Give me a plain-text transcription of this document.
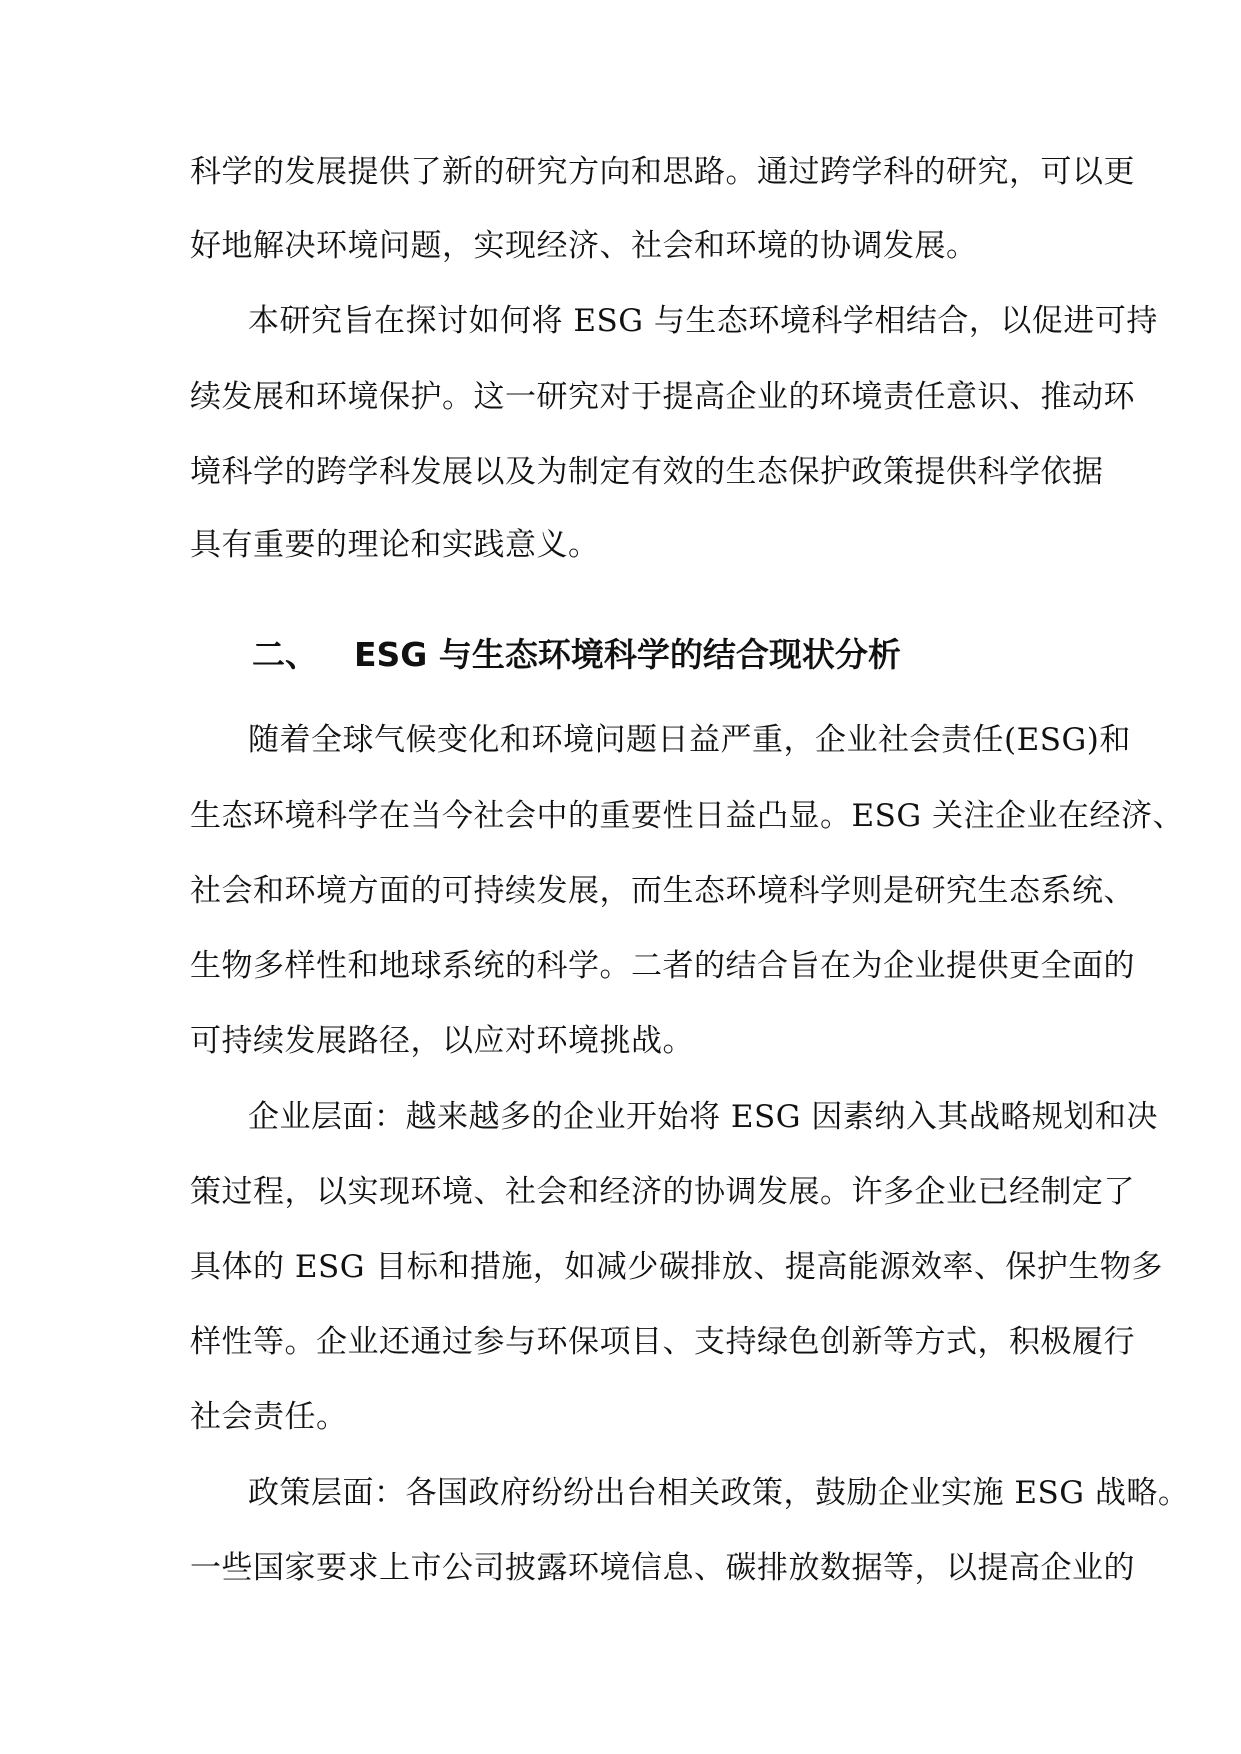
科学的发展提供了新的研究方向和思路。通过跨学科的研究，可以更
好地解决环境问题，实现经济、社会和环境的协调发展。
本研究旨在探讨如何将 ESG 与生态环境科学相结合，以促进可持
续发展和环境保护。这一研究对于提高企业的环境责任意识、推动环
境科学的跨学科发展以及为制定有效的生态保护政策提供科学依据
具有重要的理论和实践意义。
二、 ESG 与生态环境科学的结合现状分析
随着全球气候变化和环境问题日益严重，企业社会责任(ESG)和
生态环境科学在当今社会中的重要性日益凸显。ESG 关注企业在经济、
社会和环境方面的可持续发展，而生态环境科学则是研究生态系统、
生物多样性和地球系统的科学。二者的结合旨在为企业提供更全面的
可持续发展路径，以应对环境挑战。
企业层面：越来越多的企业开始将 ESG 因素纳入其战略规划和决
策过程，以实现环境、社会和经济的协调发展。许多企业已经制定了
具体的 ESG 目标和措施，如减少碳排放、提高能源效率、保护生物多
样性等。企业还通过参与环保项目、支持绿色创新等方式，积极履行
社会责任。
政策层面：各国政府纷纷出台相关政策，鼓励企业实施 ESG 战略。
一些国家要求上市公司披露环境信息、碳排放数据等，以提高企业的
